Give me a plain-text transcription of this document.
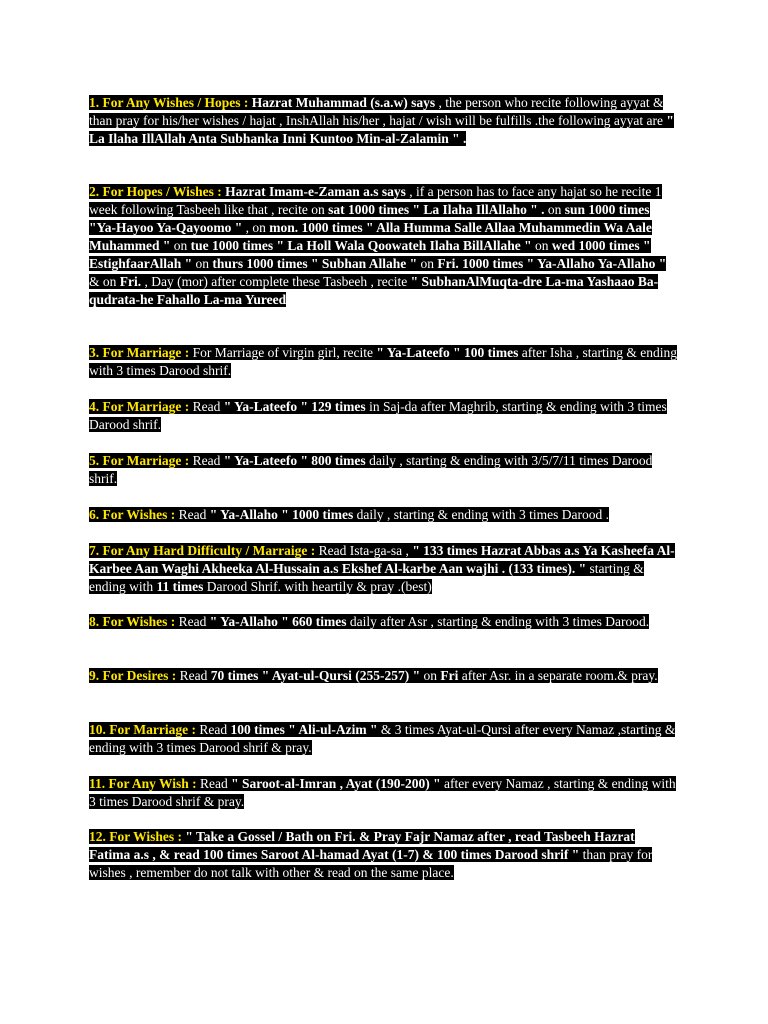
1. For Any Wishes / Hopes : Hazrat Muhammad (s.a.w) says , the person who recite following ayyat & than pray for his/her wishes / hajat , InshAllah his/her , hajat / wish will be fulfills .the following ayyat are " La Ilaha IllAllah Anta Subhanka Inni Kuntoo Min-al-Zalamin " .

2. For Hopes / Wishes : Hazrat Imam-e-Zaman a.s says , if a person has to face any hajat so he recite 1 week following Tasbeeh like that , recite on sat 1000 times " La Ilaha IllAllaho " . on sun 1000 times "Ya-Hayoo Ya-Qayoomo " , on mon. 1000 times " Alla Humma Salle Allaa Muhammedin Wa Aale Muhammed " on tue 1000 times " La Holl Wala Qoowateh Ilaha BillAllahe " on wed 1000 times " EstighfaarAllah " on thurs 1000 times " Subhan Allahe " on Fri. 1000 times " Ya-Allaho Ya-Allaho " & on Fri. , Day (mor) after complete these Tasbeeh , recite " SubhanAlMuqta-dre La-ma Yashaao Ba-qudrata-he Fahallo La-ma Yureed

3. For Marriage : For Marriage of virgin girl, recite " Ya-Lateefo " 100 times after Isha , starting & ending with 3 times Darood shrif.

4. For Marriage : Read " Ya-Lateefo " 129 times in Saj-da after Maghrib, starting & ending with 3 times Darood shrif.

5. For Marriage : Read " Ya-Lateefo " 800 times daily , starting & ending with 3/5/7/11 times Darood shrif.

6. For Wishes : Read " Ya-Allaho " 1000 times daily , starting & ending with 3 times Darood .

7. For Any Hard Difficulty / Marraige : Read Ista-ga-sa , " 133 times Hazrat Abbas a.s Ya Kasheefa Al-Karbee Aan Waghi Akheeka Al-Hussain a.s Ekshef Al-karbe Aan wajhi . (133 times). " starting & ending with 11 times Darood Shrif. with heartily & pray .(best)

8. For Wishes : Read " Ya-Allaho " 660 times daily after Asr , starting & ending with 3 times Darood.

9. For Desires : Read 70 times " Ayat-ul-Qursi (255-257) " on Fri after Asr. in a separate room.& pray.

10. For Marriage : Read 100 times " Ali-ul-Azim " & 3 times Ayat-ul-Qursi after every Namaz ,starting & ending with 3 times Darood shrif & pray.

11. For Any Wish : Read " Saroot-al-Imran , Ayat (190-200) " after every Namaz , starting & ending with 3 times Darood shrif & pray.

12. For Wishes : " Take a Gossel / Bath on Fri. & Pray Fajr Namaz after , read Tasbeeh Hazrat Fatima a.s , & read 100 times Saroot Al-hamad Ayat (1-7) & 100 times Darood shrif " than pray for wishes , remember do not talk with other & read on the same place.
